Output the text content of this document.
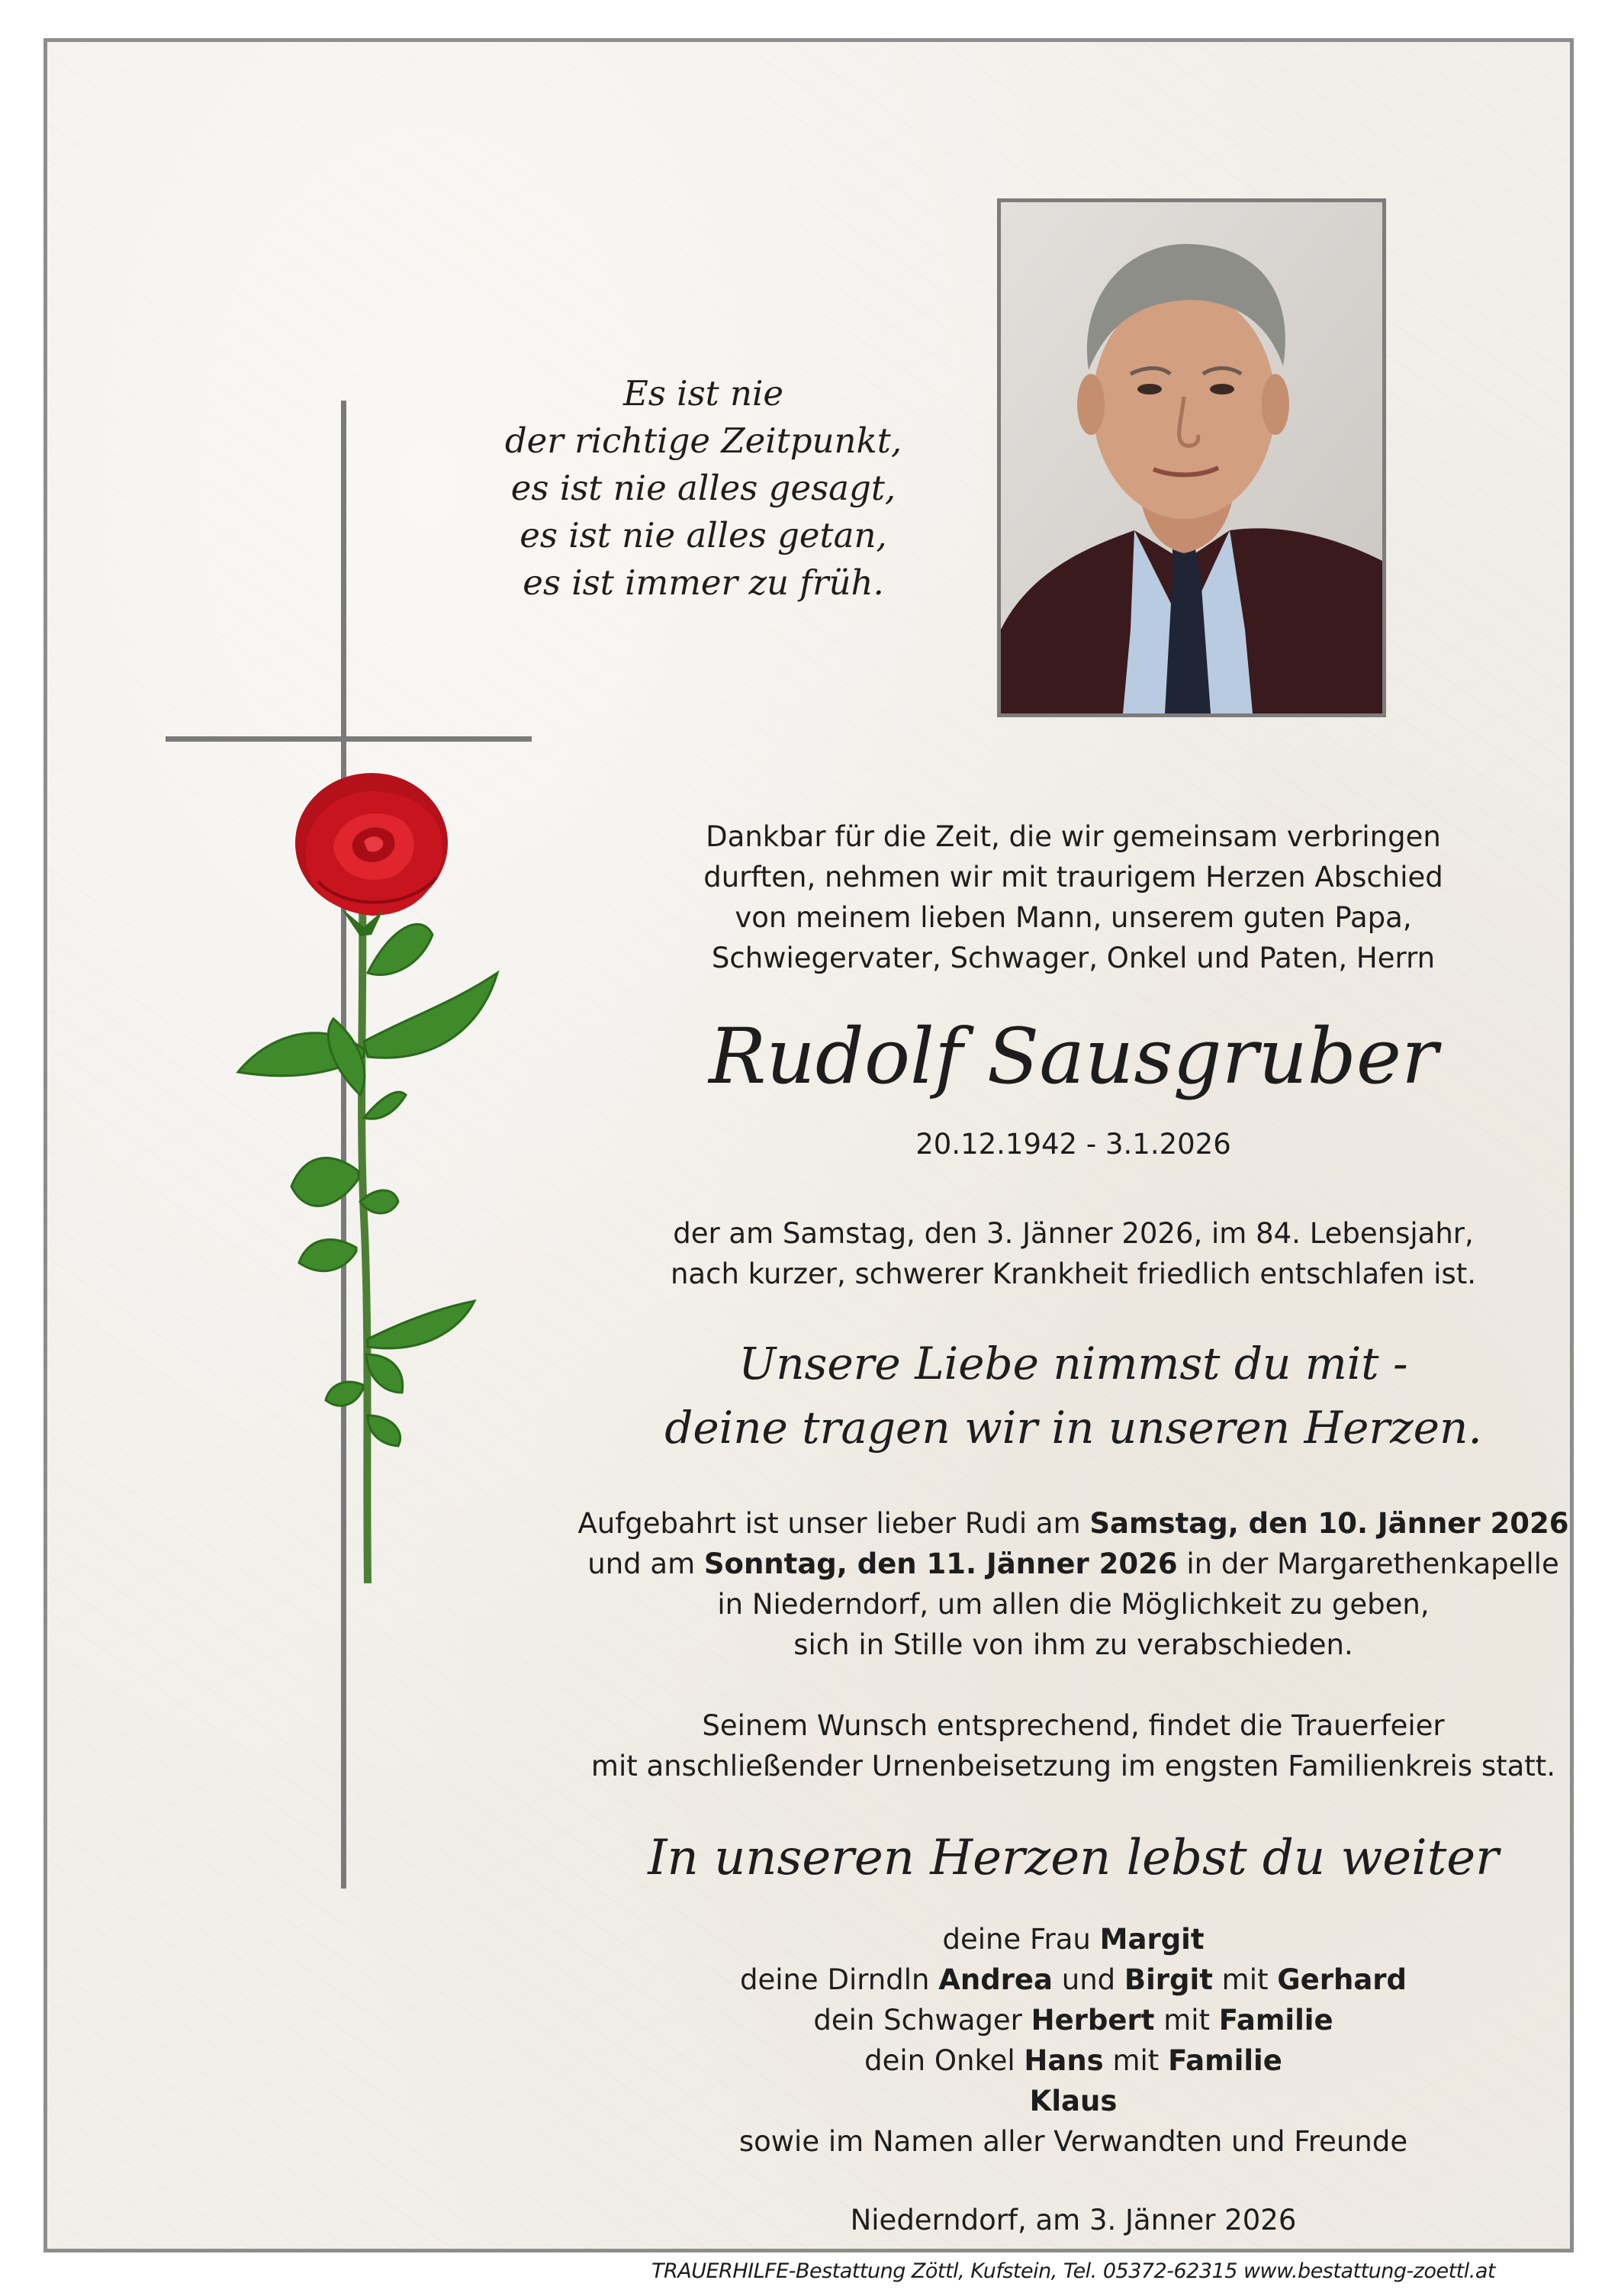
Es ist nie
der richtige Zeitpunkt,
es ist nie alles gesagt,
es ist nie alles getan,
es ist immer zu früh.
Dankbar für die Zeit, die wir gemeinsam verbringen
durften, nehmen wir mit traurigem Herzen Abschied
von meinem lieben Mann, unserem guten Papa,
Schwiegervater, Schwager, Onkel und Paten, Herrn
Rudolf Sausgruber
20.12.1942 - 3.1.2026
der am Samstag, den 3. Jänner 2026, im 84. Lebensjahr,
nach kurzer, schwerer Krankheit friedlich entschlafen ist.
Unsere Liebe nimmst du mit -
deine tragen wir in unseren Herzen.
Aufgebahrt ist unser lieber Rudi am Samstag, den 10. Jänner 2026
und am Sonntag, den 11. Jänner 2026 in der Margarethenkapelle
in Niederndorf, um allen die Möglichkeit zu geben,
sich in Stille von ihm zu verabschieden.
Seinem Wunsch entsprechend, findet die Trauerfeier
mit anschließender Urnenbeisetzung im engsten Familienkreis statt.
In unseren Herzen lebst du weiter
deine Frau Margit
deine Dirndln Andrea und Birgit mit Gerhard
dein Schwager Herbert mit Familie
dein Onkel Hans mit Familie
Klaus
sowie im Namen aller Verwandten und Freunde
Niederndorf, am 3. Jänner 2026
TRAUERHILFE-Bestattung Zöttl, Kufstein, Tel. 05372-62315 www.bestattung-zoettl.at
